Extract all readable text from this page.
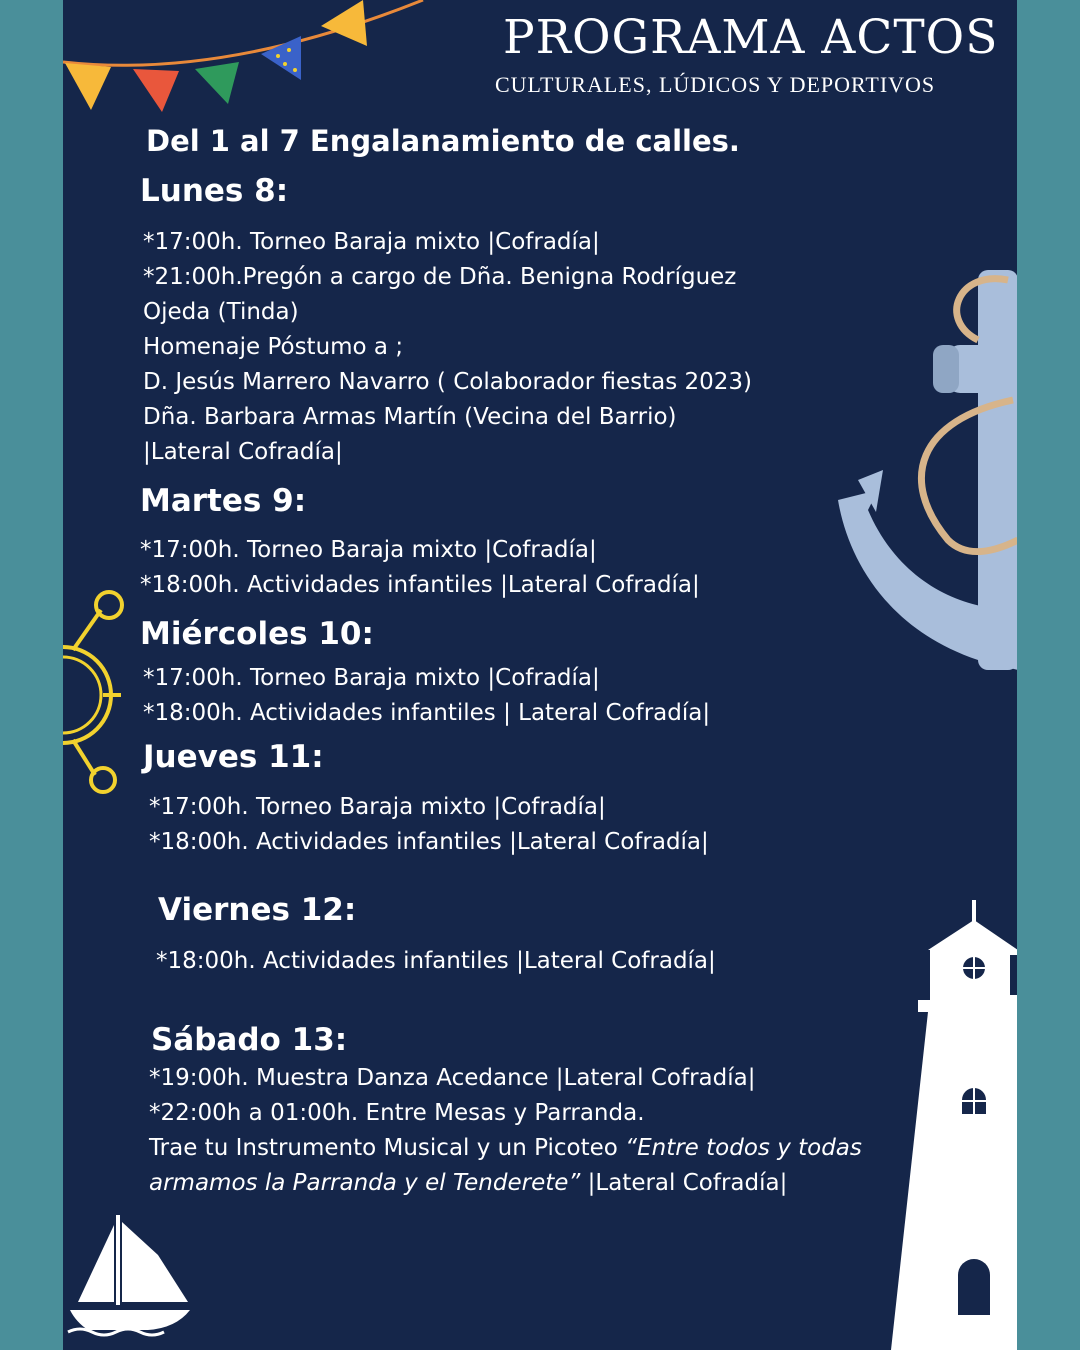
PROGRAMA ACTOS
CULTURALES, LÚDICOS Y DEPORTIVOS
Del 1 al 7 Engalanamiento de calles.
Lunes 8:
*17:00h. Torneo Baraja mixto |Cofradía|
*21:00h.Pregón a cargo de Dña. Benigna Rodríguez
Ojeda (Tinda)
Homenaje Póstumo a ;
D. Jesús Marrero Navarro ( Colaborador fiestas 2023)
Dña. Barbara Armas Martín (Vecina del Barrio)
|Lateral Cofradía|
Martes 9:
*17:00h. Torneo Baraja mixto |Cofradía|
*18:00h. Actividades infantiles |Lateral Cofradía|
Miércoles 10:
*17:00h. Torneo Baraja mixto |Cofradía|
*18:00h. Actividades infantiles | Lateral Cofradía|
Jueves 11:
*17:00h. Torneo Baraja mixto |Cofradía|
*18:00h. Actividades infantiles |Lateral Cofradía|
Viernes 12:
*18:00h. Actividades infantiles |Lateral Cofradía|
Sábado 13:
*19:00h. Muestra Danza Acedance |Lateral Cofradía|
*22:00h a 01:00h. Entre Mesas y Parranda.
Trae tu Instrumento Musical y un Picoteo “Entre todos y todas
armamos la Parranda y el Tenderete” |Lateral Cofradía|
